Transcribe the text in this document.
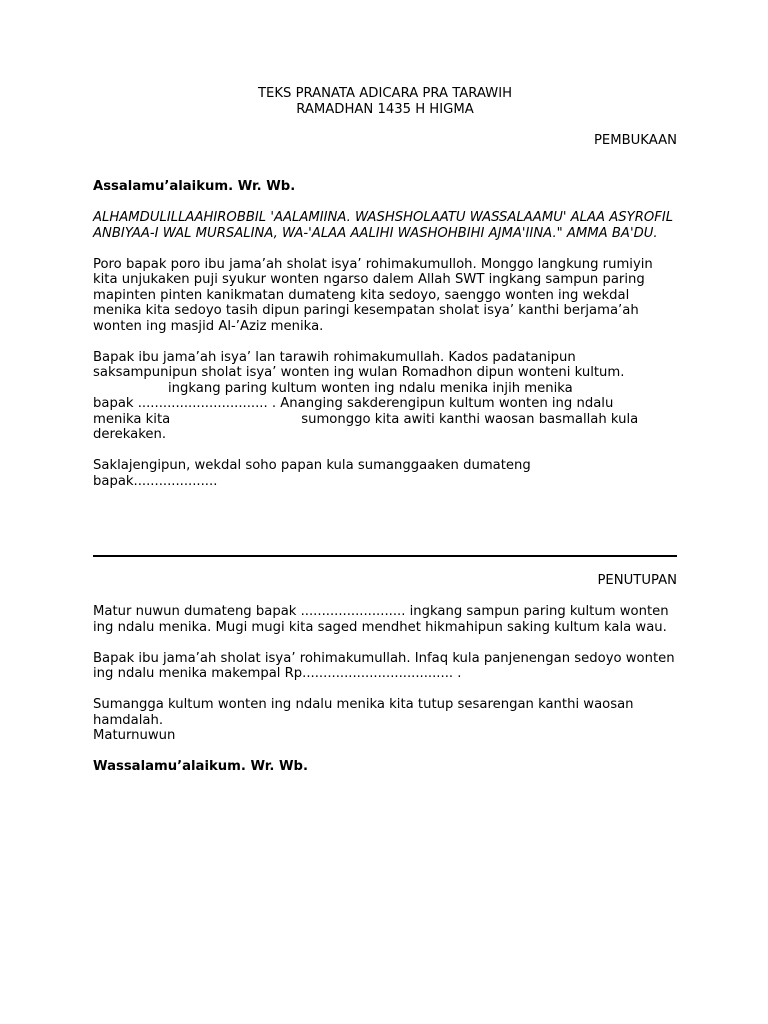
TEKS PRANATA ADICARA PRA TARAWIH
RAMADHAN 1435 H HIGMA
PEMBUKAAN

Assalamu’alaikum. Wr. Wb.

ALHAMDULILLAAHIROBBIL 'AALAMIINA. WASHSHOLAATU WASSALAAMU' ALAA ASYROFIL ANBIYAA-I WAL MURSALINA, WA-'ALAA AALIHI WASHOHBIHI AJMA'IINA." AMMA BA'DU.

Poro bapak poro ibu jama’ah sholat isya’ rohimakumulloh. Monggo langkung rumiyin kita unjukaken puji syukur wonten ngarso dalem Allah SWT ingkang sampun paring mapinten pinten kanikmatan dumateng kita sedoyo, saenggo wonten ing wekdal menika kita sedoyo tasih dipun paringi kesempatan sholat isya’ kanthi berjama’ah wonten ing masjid Al-’Aziz menika.

Bapak ibu jama’ah isya’ lan tarawih rohimakumullah. Kados padatanipun

saksampunipun sholat isya’ wonten ing wulan Romadhon dipun wonteni kultum.

ingkang paring kultum wonten ing ndalu menika injih menika

bapak ............................... . Ananging sakderengipun kultum wonten ing ndalu

menika kita	sumonggo kita awiti kanthi waosan basmallah kula

derekaken.

Saklajengipun, wekdal soho papan kula sumanggaaken dumateng

bapak....................

PENUTUPAN

Matur nuwun dumateng bapak ......................... ingkang sampun paring kultum wonten ing ndalu menika. Mugi mugi kita saged mendhet hikmahipun saking kultum kala wau.

Bapak ibu jama’ah sholat isya’ rohimakumullah. Infaq kula panjenengan sedoyo wonten ing ndalu menika makempal Rp.................................... .

Sumangga kultum wonten ing ndalu menika kita tutup sesarengan kanthi waosan hamdalah.

Maturnuwun

Wassalamu’alaikum. Wr. Wb.
